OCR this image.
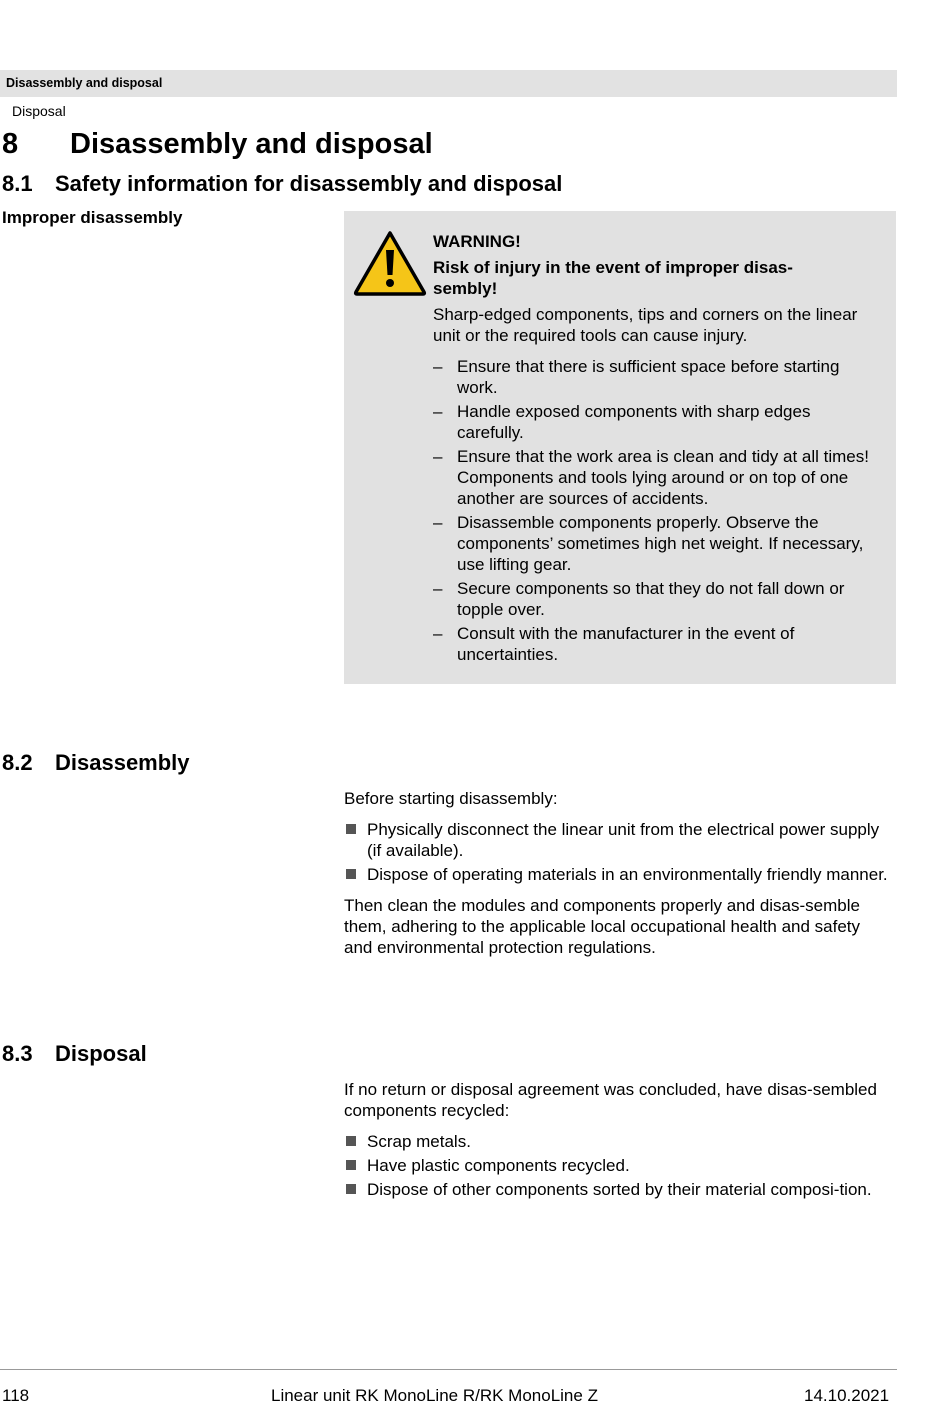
Disassembly and disposal
Disposal
8 Disassembly and disposal
8.1 Safety information for disassembly and disposal
Improper disassembly
WARNING!
Risk of injury in the event of improper disas-
sembly!
Sharp-edged components, tips and corners on the linear unit or the required tools can cause injury.
– Ensure that there is sufficient space before starting work.
– Handle exposed components with sharp edges carefully.
– Ensure that the work area is clean and tidy at all times! Components and tools lying around or on top of one another are sources of accidents.
– Disassemble components properly. Observe the components’ sometimes high net weight. If necessary, use lifting gear.
– Secure components so that they do not fall down or topple over.
– Consult with the manufacturer in the event of uncertainties.
8.2 Disassembly

Before starting disassembly:

Physically disconnect the linear unit from the electrical power supply (if available).
Dispose of operating materials in an environmentally friendly manner.

Then clean the modules and components properly and disas-semble them, adhering to the applicable local occupational health and safety and environmental protection regulations.

8.3 Disposal

If no return or disposal agreement was concluded, have disas-sembled components recycled:

Scrap metals.
Have plastic components recycled.
Dispose of other components sorted by their material composi-tion.
118	Linear unit RK MonoLine R/RK MonoLine Z	14.10.2021
